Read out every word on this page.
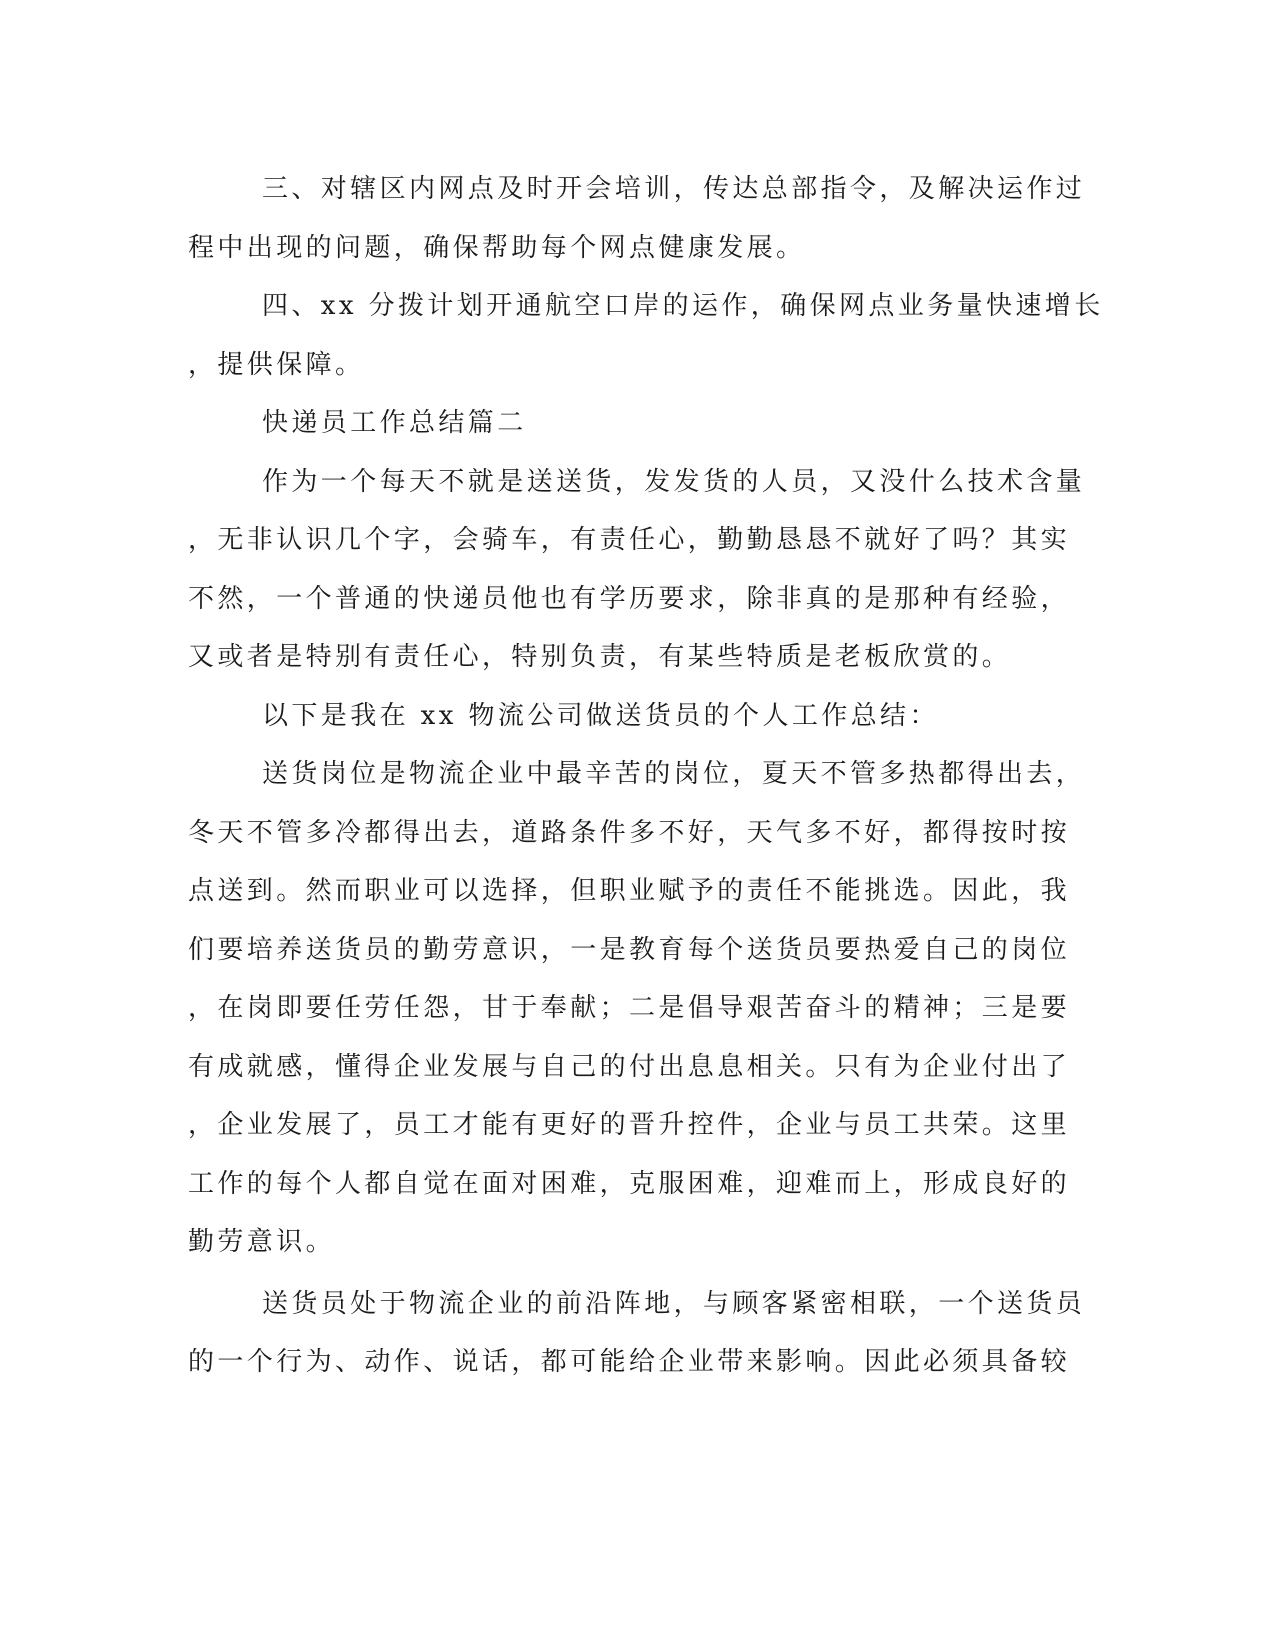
三、对辖区内网点及时开会培训，传达总部指令，及解决运作过
程中出现的问题，确保帮助每个网点健康发展。
四、xx 分拨计划开通航空口岸的运作，确保网点业务量快速增长
，提供保障。
快递员工作总结篇二
作为一个每天不就是送送货，发发货的人员，又没什么技术含量
，无非认识几个字，会骑车，有责任心，勤勤恳恳不就好了吗？其实
不然，一个普通的快递员他也有学历要求，除非真的是那种有经验，
又或者是特别有责任心，特别负责，有某些特质是老板欣赏的。
以下是我在 xx 物流公司做送货员的个人工作总结：
送货岗位是物流企业中最辛苦的岗位，夏天不管多热都得出去，
冬天不管多冷都得出去，道路条件多不好，天气多不好，都得按时按
点送到。然而职业可以选择，但职业赋予的责任不能挑选。因此，我
们要培养送货员的勤劳意识，一是教育每个送货员要热爱自己的岗位
，在岗即要任劳任怨，甘于奉献；二是倡导艰苦奋斗的精神；三是要
有成就感，懂得企业发展与自己的付出息息相关。只有为企业付出了
，企业发展了，员工才能有更好的晋升控件，企业与员工共荣。这里
工作的每个人都自觉在面对困难，克服困难，迎难而上，形成良好的
勤劳意识。
送货员处于物流企业的前沿阵地，与顾客紧密相联，一个送货员
的一个行为、动作、说话，都可能给企业带来影响。因此必须具备较
